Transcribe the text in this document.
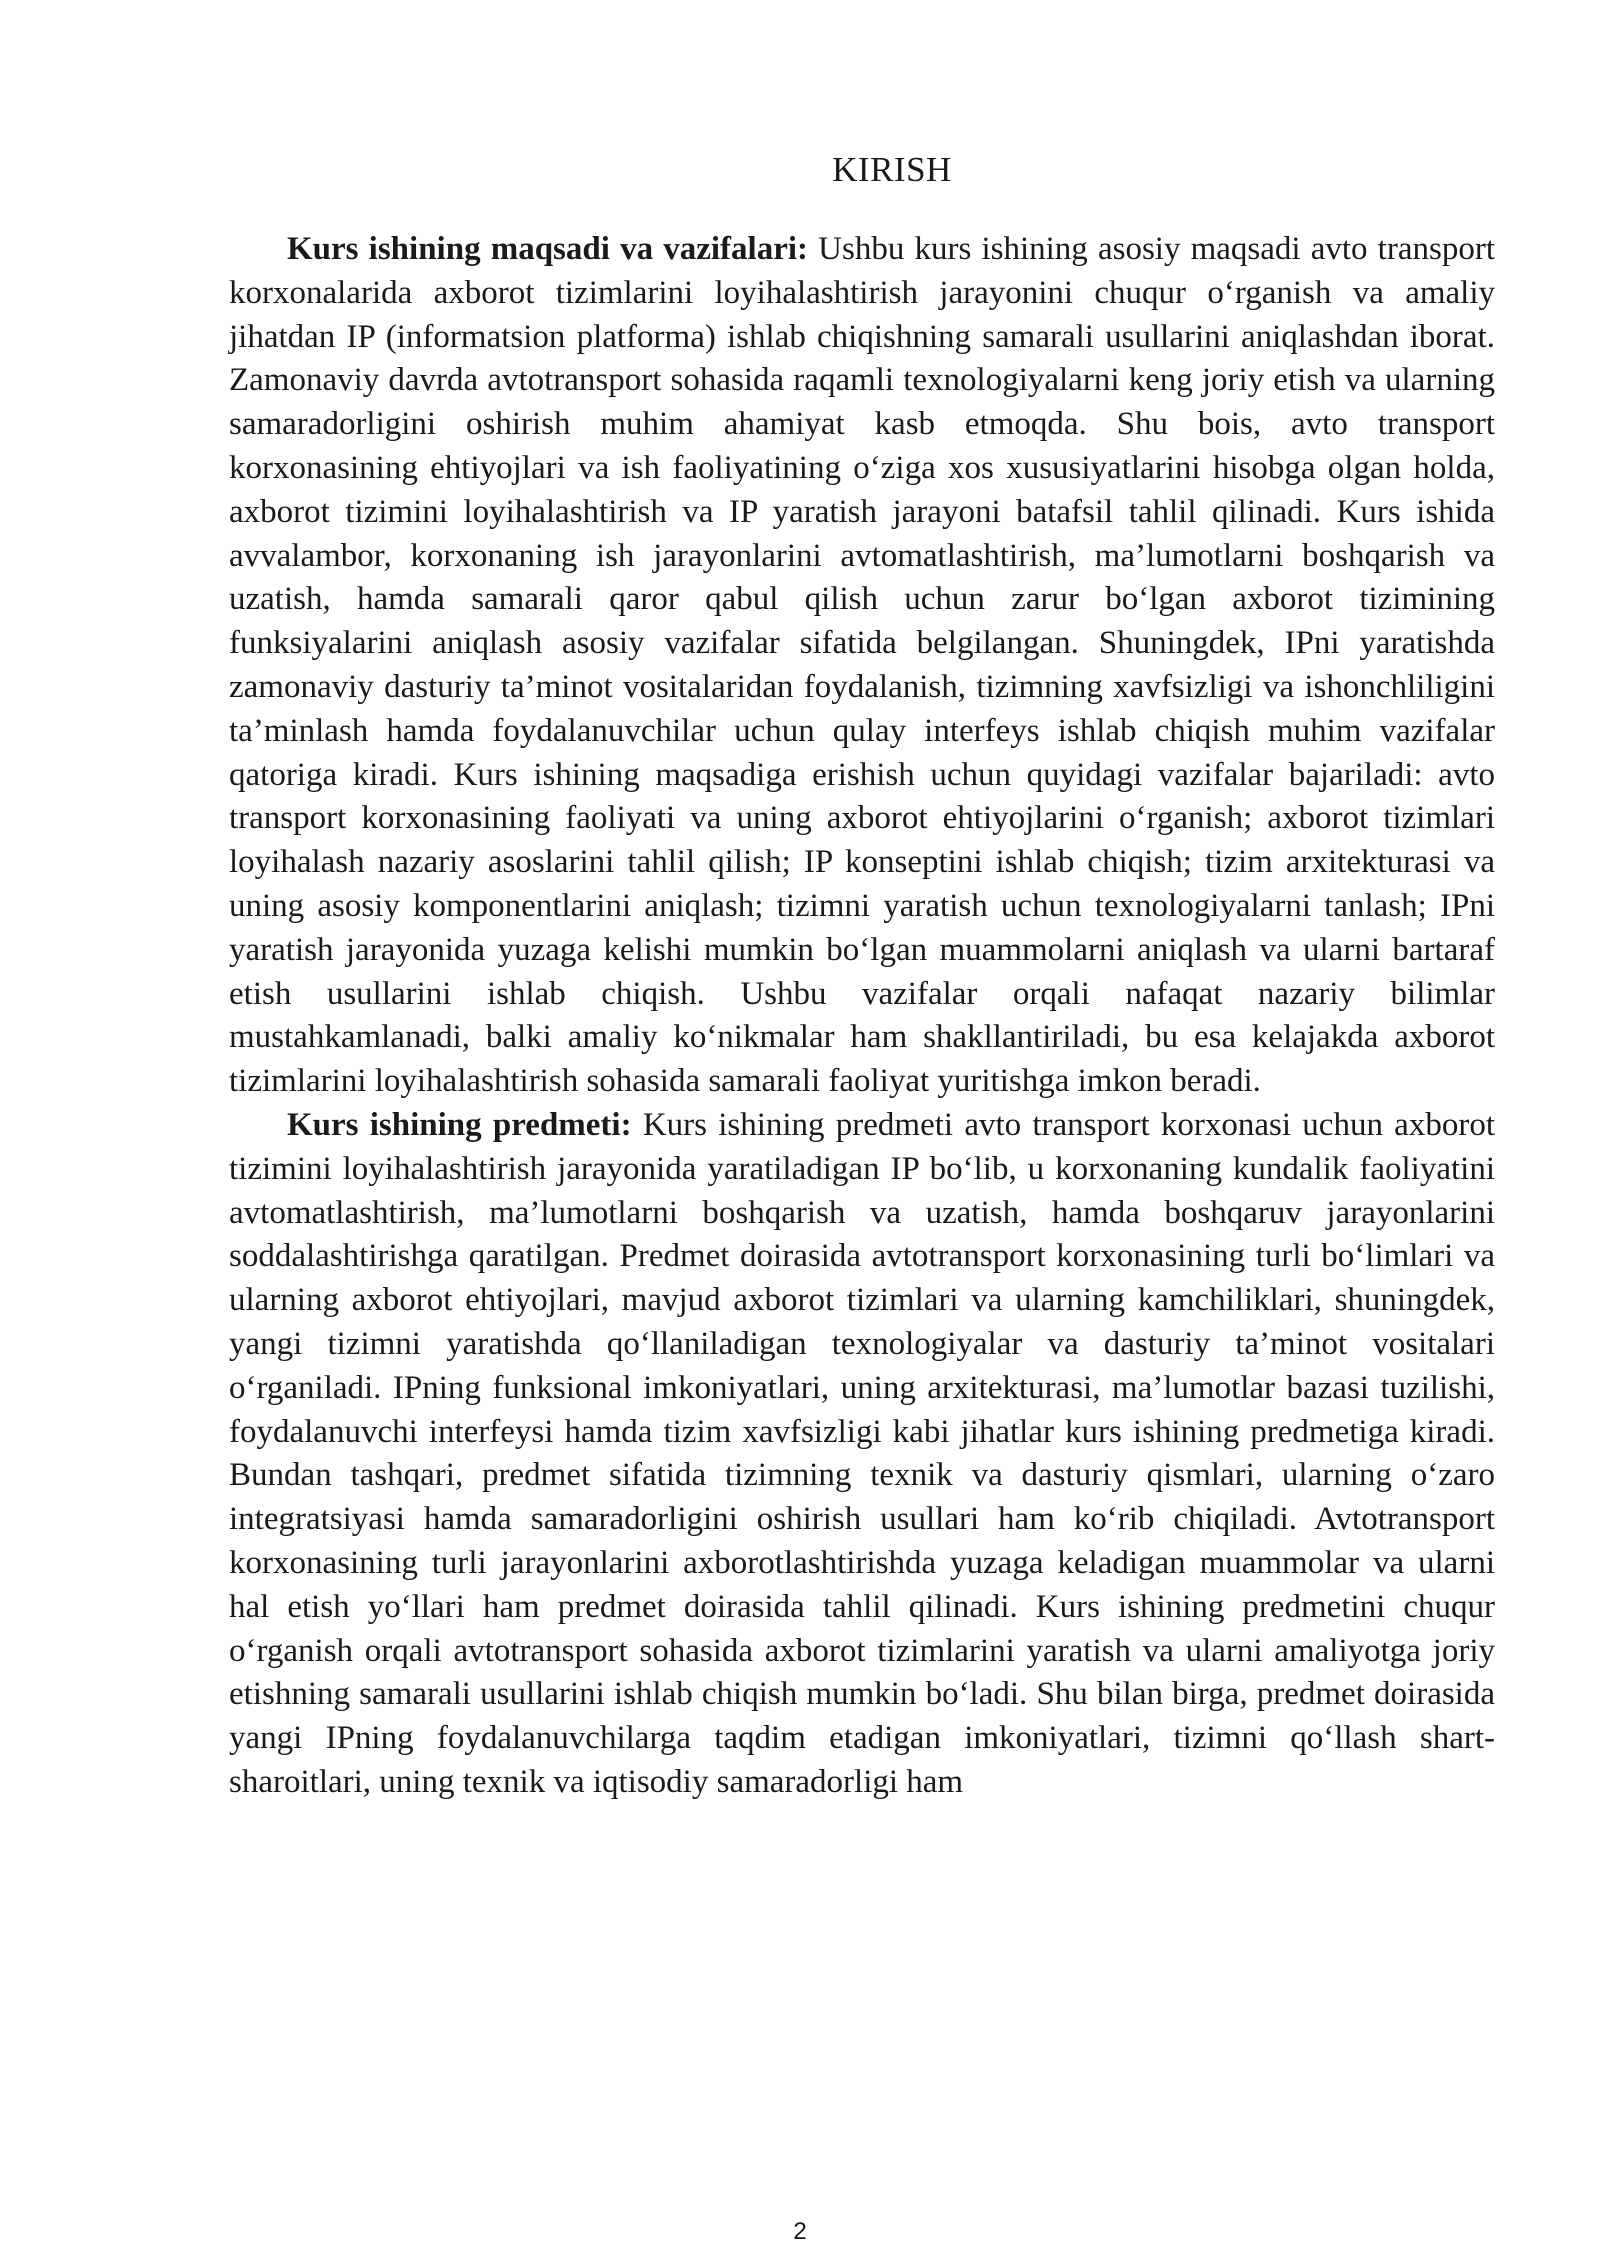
KIRISH

Kurs ishining maqsadi va vazifalari: Ushbu kurs ishining asosiy maqsadi avto transport korxonalarida axborot tizimlarini loyihalashtirish jarayonini chuqur o‘rganish va amaliy jihatdan IP (informatsion platforma) ishlab chiqishning samarali usullarini aniqlashdan iborat. Zamonaviy davrda avtotransport sohasida raqamli texnologiyalarni keng joriy etish va ularning samaradorligini oshirish muhim ahamiyat kasb etmoqda. Shu bois, avto transport korxonasining ehtiyojlari va ish faoliyatining o‘ziga xos xususiyatlarini hisobga olgan holda, axborot tizimini loyihalashtirish va IP yaratish jarayoni batafsil tahlil qilinadi. Kurs ishida avvalambor, korxonaning ish jarayonlarini avtomatlashtirish, ma’lumotlarni boshqarish va uzatish, hamda samarali qaror qabul qilish uchun zarur bo‘lgan axborot tizimining funksiyalarini aniqlash asosiy vazifalar sifatida belgilangan. Shuningdek, IPni yaratishda zamonaviy dasturiy ta’minot vositalaridan foydalanish, tizimning xavfsizligi va ishonchliligini ta’minlash hamda foydalanuvchilar uchun qulay interfeys ishlab chiqish muhim vazifalar qatoriga kiradi. Kurs ishining maqsadiga erishish uchun quyidagi vazifalar bajariladi: avto transport korxonasining faoliyati va uning axborot ehtiyojlarini o‘rganish; axborot tizimlari loyihalash nazariy asoslarini tahlil qilish; IP konseptini ishlab chiqish; tizim arxitekturasi va uning asosiy komponentlarini aniqlash; tizimni yaratish uchun texnologiyalarni tanlash; IPni yaratish jarayonida yuzaga kelishi mumkin bo‘lgan muammolarni aniqlash va ularni bartaraf etish usullarini ishlab chiqish. Ushbu vazifalar orqali nafaqat nazariy bilimlar mustahkamlanadi, balki amaliy ko‘nikmalar ham shakllantiriladi, bu esa kelajakda axborot tizimlarini loyihalashtirish sohasida samarali faoliyat yuritishga imkon beradi.

Kurs ishining predmeti: Kurs ishining predmeti avto transport korxonasi uchun axborot tizimini loyihalashtirish jarayonida yaratiladigan IP bo‘lib, u korxonaning kundalik faoliyatini avtomatlashtirish, ma’lumotlarni boshqarish va uzatish, hamda boshqaruv jarayonlarini soddalashtirishga qaratilgan. Predmet doirasida avtotransport korxonasining turli bo‘limlari va ularning axborot ehtiyojlari, mavjud axborot tizimlari va ularning kamchiliklari, shuningdek, yangi tizimni yaratishda qo‘llaniladigan texnologiyalar va dasturiy ta’minot vositalari o‘rganiladi. IPning funksional imkoniyatlari, uning arxitekturasi, ma’lumotlar bazasi tuzilishi, foydalanuvchi interfeysi hamda tizim xavfsizligi kabi jihatlar kurs ishining predmetiga kiradi. Bundan tashqari, predmet sifatida tizimning texnik va dasturiy qismlari, ularning o‘zaro integratsiyasi hamda samaradorligini oshirish usullari ham ko‘rib chiqiladi. Avtotransport korxonasining turli jarayonlarini axborotlashtirishda yuzaga keladigan muammolar va ularni hal etish yo‘llari ham predmet doirasida tahlil qilinadi. Kurs ishining predmetini chuqur o‘rganish orqali avtotransport sohasida axborot tizimlarini yaratish va ularni amaliyotga joriy etishning samarali usullarini ishlab chiqish mumkin bo‘ladi. Shu bilan birga, predmet doirasida yangi IPning foydalanuvchilarga taqdim etadigan imkoniyatlari, tizimni qo‘llash shart-sharoitlari, uning texnik va iqtisodiy samaradorligi ham

2
